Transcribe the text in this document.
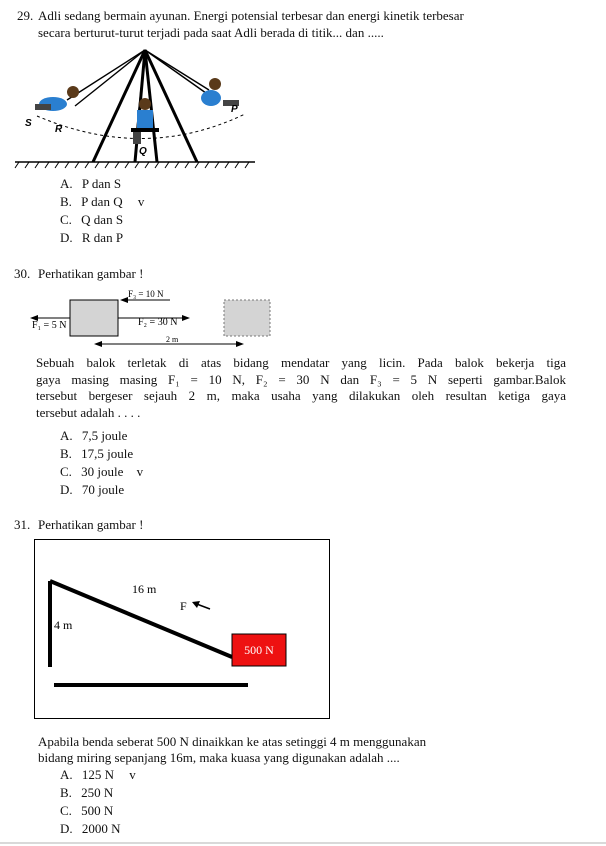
29. Adli sedang bermain ayunan. Energi potensial terbesar dan energi kinetik terbesar
secara berturut-turut terjadi pada saat Adli berada di titik... dan .....
S
R
Q
P
A. P dan S
B. P dan Q v
C. Q dan S
D. R dan P
30. Perhatikan gambar !
F₃ = 10 N
F₁ = 5 N	F₂ = 30 N
2 m
Sebuah balok terletak di atas bidang mendatar yang licin. Pada balok bekerja tiga
gaya masing masing F₁ = 10 N, F₂ = 30 N dan F₃ = 5 N seperti gambar.Balok
tersebut bergeser sejauh 2 m, maka usaha yang dilakukan oleh resultan ketiga gaya
tersebut adalah . . . .
A. 7,5 joule
B. 17,5 joule
C. 30 joule v
D. 70 joule
31. Perhatikan gambar !
500 N
16 m
4 m
F
Apabila benda seberat 500 N dinaikkan ke atas setinggi 4 m menggunakan
bidang miring sepanjang 16m, maka kuasa yang digunakan adalah ....
A. 125 N v
B. 250 N
C. 500 N
D. 2000 N
